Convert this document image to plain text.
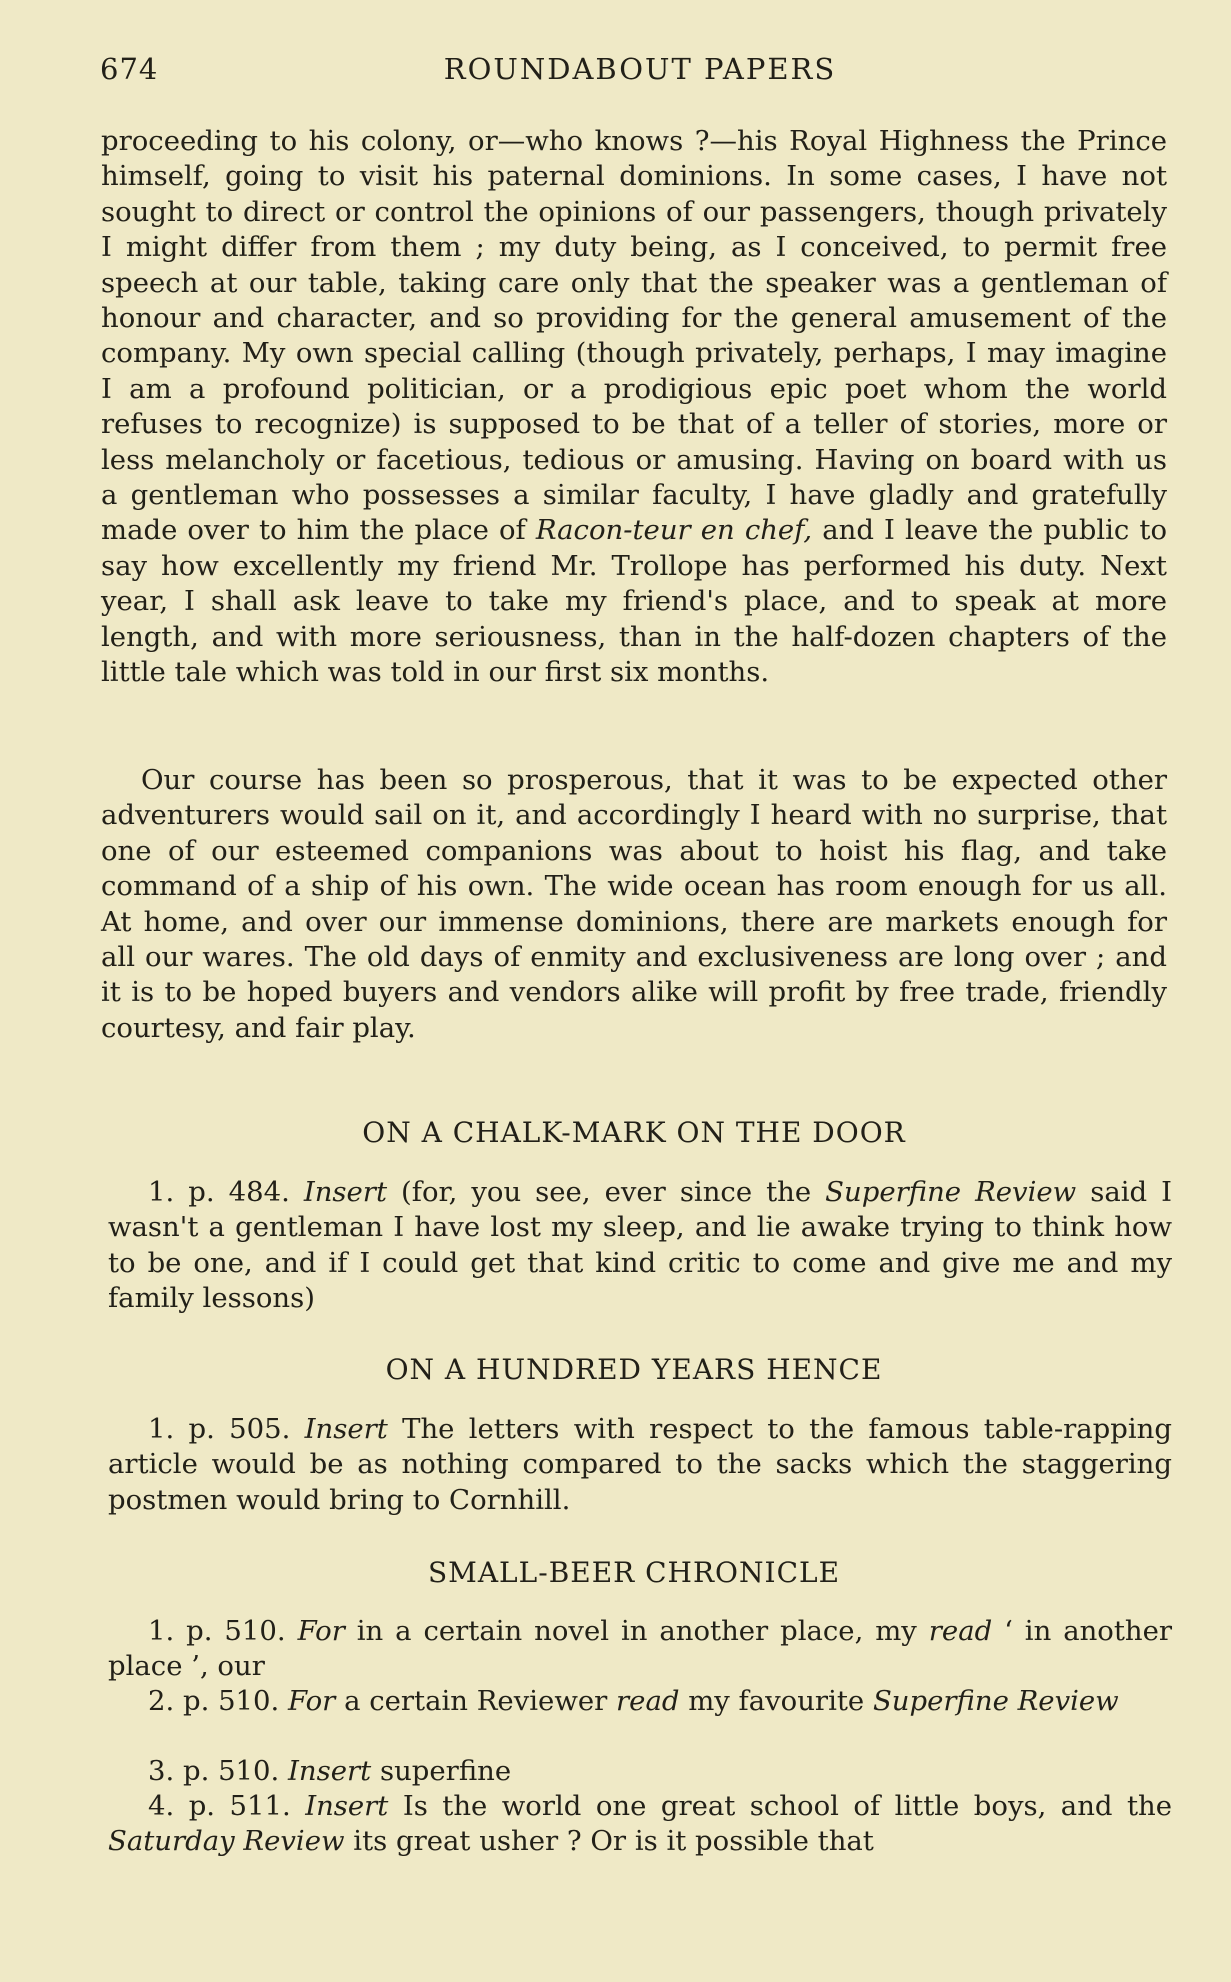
674	ROUNDABOUT PAPERS

proceeding to his colony, or—who knows ?—his Royal Highness the Prince himself, going to visit his paternal dominions. In some cases, I have not sought to direct or control the opinions of our passengers, though privately I might differ from them ; my duty being, as I conceived, to permit free speech at our table, taking care only that the speaker was a gentleman of honour and character, and so providing for the general amusement of the company. My own special calling (though privately, perhaps, I may imagine I am a profound politician, or a prodigious epic poet whom the world refuses to recognize) is supposed to be that of a teller of stories, more or less melancholy or facetious, tedious or amusing. Having on board with us a gentleman who possesses a similar faculty, I have gladly and gratefully made over to him the place of Racon-teur en chef, and I leave the public to say how excellently my friend Mr. Trollope has performed his duty. Next year, I shall ask leave to take my friend's place, and to speak at more length, and with more seriousness, than in the half-dozen chapters of the little tale which was told in our first six months.

Our course has been so prosperous, that it was to be expected other adventurers would sail on it, and accordingly I heard with no surprise, that one of our esteemed companions was about to hoist his flag, and take command of a ship of his own. The wide ocean has room enough for us all. At home, and over our immense dominions, there are markets enough for all our wares. The old days of enmity and exclusiveness are long over ; and it is to be hoped buyers and vendors alike will profit by free trade, friendly courtesy, and fair play.

ON A CHALK-MARK ON THE DOOR

1. p. 484. Insert (for, you see, ever since the Superfine Review said I wasn't a gentleman I have lost my sleep, and lie awake trying to think how to be one, and if I could get that kind critic to come and give me and my family lessons)

ON A HUNDRED YEARS HENCE

1. p. 505. Insert The letters with respect to the famous table-rapping article would be as nothing compared to the sacks which the staggering postmen would bring to Cornhill.

SMALL-BEER CHRONICLE

1. p. 510. For in a certain novel in another place, my read ‘ in another place ’, our

2. p. 510. For a certain Reviewer read my favourite Superfine Review

3. p. 510. Insert superfine

4. p. 511. Insert Is the world one great school of little boys, and the Saturday Review its great usher ? Or is it possible that
